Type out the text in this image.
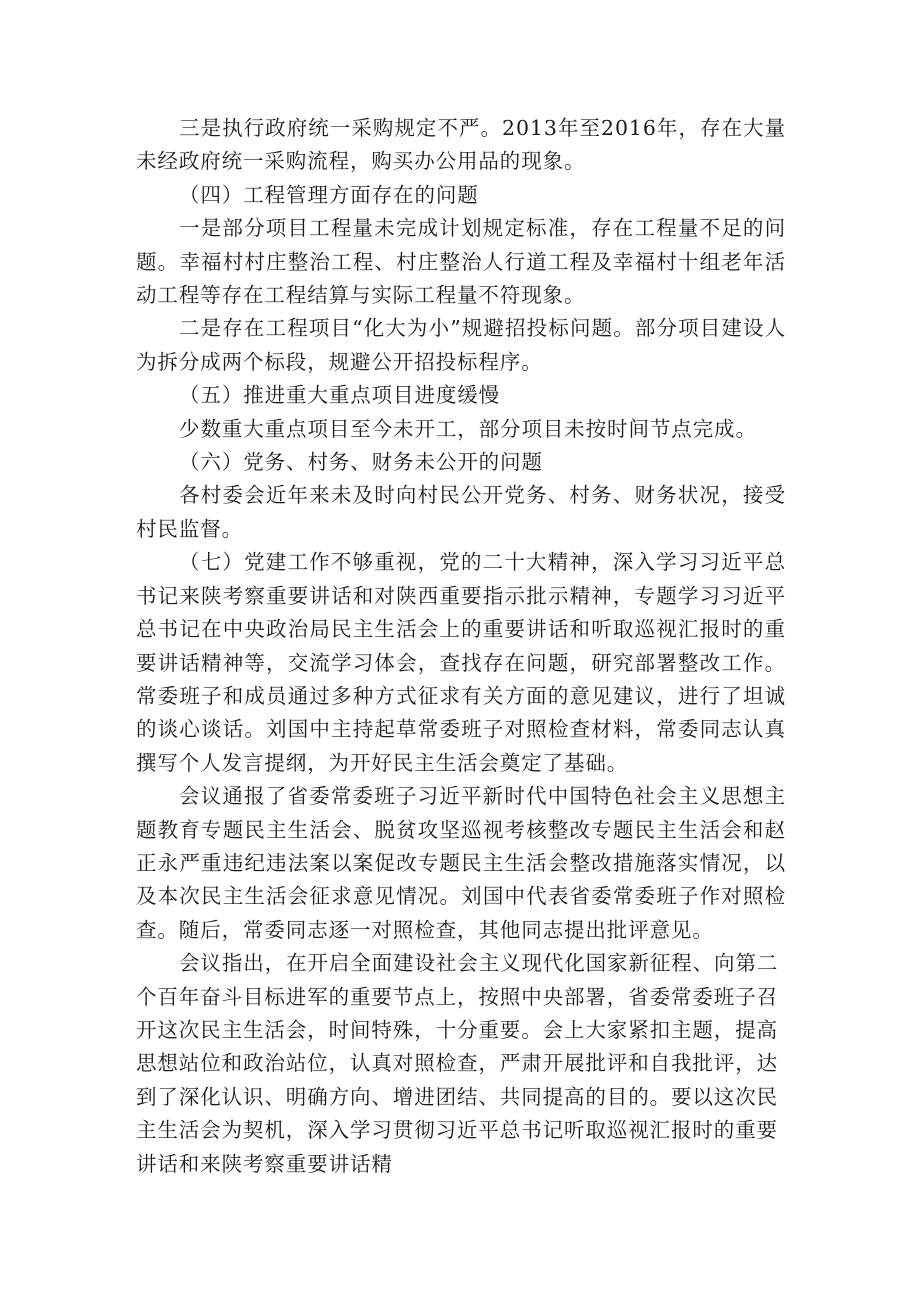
三是执行政府统一采购规定不严。2013年至2016年，存在大量未经政府统一采购流程，购买办公用品的现象。

（四）工程管理方面存在的问题

一是部分项目工程量未完成计划规定标准，存在工程量不足的问题。幸福村村庄整治工程、村庄整治人行道工程及幸福村十组老年活动工程等存在工程结算与实际工程量不符现象。

二是存在工程项目“化大为小”规避招投标问题。部分项目建设人为拆分成两个标段，规避公开招投标程序。

（五）推进重大重点项目进度缓慢

少数重大重点项目至今未开工，部分项目未按时间节点完成。

（六）党务、村务、财务未公开的问题

各村委会近年来未及时向村民公开党务、村务、财务状况，接受村民监督。

（七）党建工作不够重视，党的二十大精神，深入学习习近平总书记来陕考察重要讲话和对陕西重要指示批示精神，专题学习习近平总书记在中央政治局民主生活会上的重要讲话和听取巡视汇报时的重要讲话精神等，交流学习体会，查找存在问题，研究部署整改工作。常委班子和成员通过多种方式征求有关方面的意见建议，进行了坦诚的谈心谈话。刘国中主持起草常委班子对照检查材料，常委同志认真撰写个人发言提纲，为开好民主生活会奠定了基础。

会议通报了省委常委班子习近平新时代中国特色社会主义思想主题教育专题民主生活会、脱贫攻坚巡视考核整改专题民主生活会和赵正永严重违纪违法案以案促改专题民主生活会整改措施落实情况，以及本次民主生活会征求意见情况。刘国中代表省委常委班子作对照检查。随后，常委同志逐一对照检查，其他同志提出批评意见。

会议指出，在开启全面建设社会主义现代化国家新征程、向第二个百年奋斗目标进军的重要节点上，按照中央部署，省委常委班子召开这次民主生活会，时间特殊，十分重要。会上大家紧扣主题，提高思想站位和政治站位，认真对照检查，严肃开展批评和自我批评，达到了深化认识、明确方向、增进团结、共同提高的目的。要以这次民主生活会为契机，深入学习贯彻习近平总书记听取巡视汇报时的重要讲话和来陕考察重要讲话精
